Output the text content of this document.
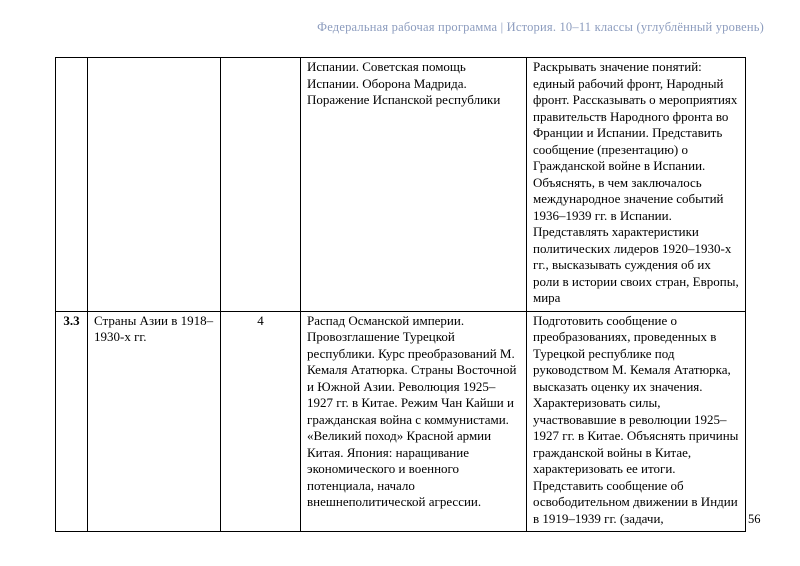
Федеральная рабочая программа | История. 10–11 классы (углублённый уровень)
			Испании. Советская помощь Испании. Оборона Мадрида. Поражение Испанской республики	Раскрывать значение понятий: единый рабочий фронт, Народный фронт. Рассказывать о мероприятиях правительств Народного фронта во Франции и Испании. Представить сообщение (презентацию) о Гражданской войне в Испании. Объяснять, в чем заключалось международное значение событий 1936–1939 гг. в Испании. Представлять характеристики политических лидеров 1920–1930-х гг., высказывать суждения об их роли в истории своих стран, Европы, мира
3.3	Страны Азии в 1918–1930-х гг.	4	Распад Османской империи. Провозглашение Турецкой республики. Курс преобразований М. Кемаля Ататюрка. Страны Восточной и Южной Азии. Революция 1925–1927 гг. в Китае. Режим Чан Кайши и гражданская война с коммунистами. «Великий поход» Красной армии Китая. Япония: наращивание экономического и военного потенциала, начало внешнеполитической агрессии.	Подготовить сообщение о преобразованиях, проведенных в Турецкой республике под руководством М. Кемаля Ататюрка, высказать оценку их значения. Характеризовать силы, участвовавшие в революции 1925–1927 гг. в Китае. Объяснять причины гражданской войны в Китае, характеризовать ее итоги. Представить сообщение об освободительном движении в Индии в 1919–1939 гг. (задачи,	56
